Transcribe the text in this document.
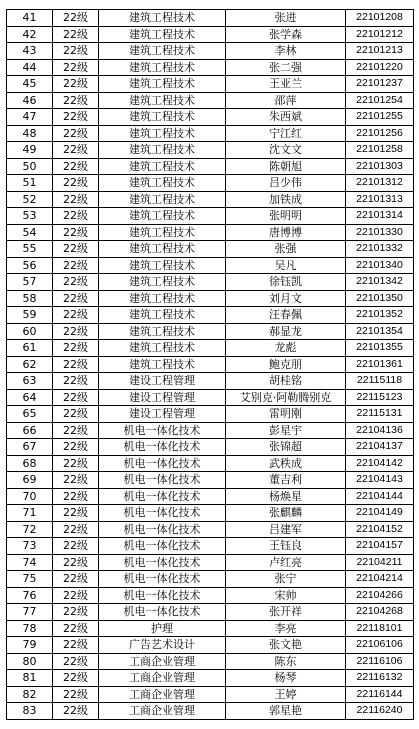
41	22级	建筑工程技术	张进	22101208
42	22级	建筑工程技术	张学森	22101212
43	22级	建筑工程技术	李林	22101213
44	22级	建筑工程技术	张二强	22101220
45	22级	建筑工程技术	王亚兰	22101237
46	22级	建筑工程技术	邵萍	22101254
47	22级	建筑工程技术	朱西斌	22101255
48	22级	建筑工程技术	宁江红	22101256
49	22级	建筑工程技术	沈文文	22101258
50	22级	建筑工程技术	陈朝旭	22101303
51	22级	建筑工程技术	吕少伟	22101312
52	22级	建筑工程技术	加铁成	22101313
53	22级	建筑工程技术	张明明	22101314
54	22级	建筑工程技术	唐博博	22101330
55	22级	建筑工程技术	张强	22101332
56	22级	建筑工程技术	吴凡	22101340
57	22级	建筑工程技术	徐钰凯	22101342
58	22级	建筑工程技术	刘月文	22101350
59	22级	建筑工程技术	汪春佩	22101352
60	22级	建筑工程技术	郝显龙	22101354
61	22级	建筑工程技术	龙彪	22101355
62	22级	建筑工程技术	鲍克朋	22101361
63	22级	建设工程管理	胡桂铭	22115118
64	22级	建设工程管理	艾别克·阿勒腾别克	22115123
65	22级	建设工程管理	雷明刚	22115131
66	22级	机电一体化技术	彭星宇	22104136
67	22级	机电一体化技术	张锦超	22104137
68	22级	机电一体化技术	武秩成	22104142
69	22级	机电一体化技术	董吉利	22104143
70	22级	机电一体化技术	杨焕星	22104144
71	22级	机电一体化技术	张麒麟	22104149
72	22级	机电一体化技术	吕建军	22104152
73	22级	机电一体化技术	王钰良	22104157
74	22级	机电一体化技术	卢红亮	22104211
75	22级	机电一体化技术	张宁	22104214
76	22级	机电一体化技术	宋帅	22104266
77	22级	机电一体化技术	张开祥	22104268
78	22级	护理	李亮	22118101
79	22级	广告艺术设计	张文艳	22106106
80	22级	工商企业管理	陈东	22116106
81	22级	工商企业管理	杨琴	22116132
82	22级	工商企业管理	王婷	22116144
83	22级	工商企业管理	郭星艳	22116240
